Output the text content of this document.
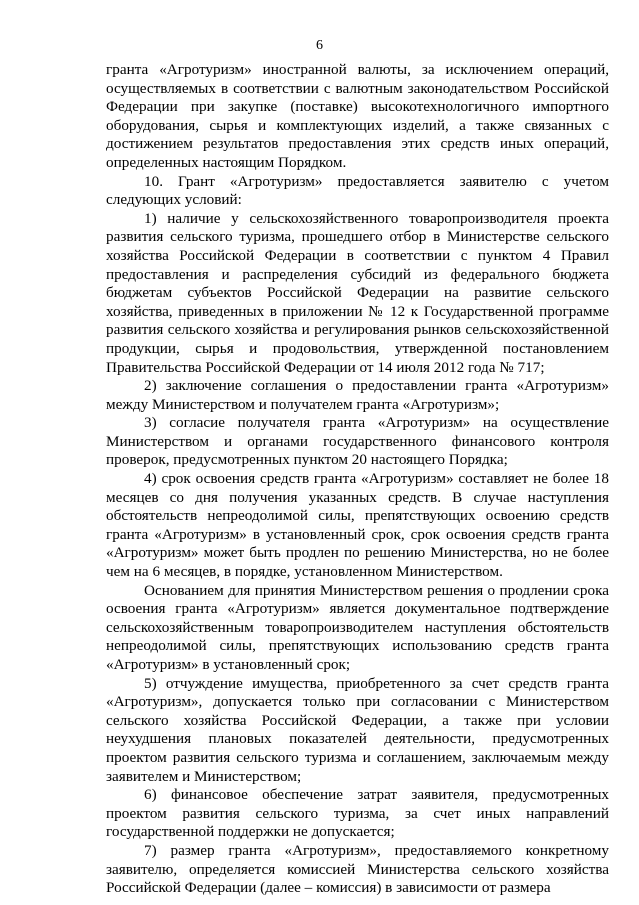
6

гранта «Агротуризм» иностранной валюты, за исключением операций, осуществляемых в соответствии с валютным законодательством Российской Федерации при закупке (поставке) высокотехнологичного импортного оборудования, сырья и комплектующих изделий, а также связанных с достижением результатов предоставления этих средств иных операций, определенных настоящим Порядком.

10. Грант «Агротуризм» предоставляется заявителю с учетом следующих условий:

1) наличие у сельскохозяйственного товаропроизводителя проекта развития сельского туризма, прошедшего отбор в Министерстве сельского хозяйства Российской Федерации в соответствии с пунктом 4 Правил предоставления и распределения субсидий из федерального бюджета бюджетам субъектов Российской Федерации на развитие сельского хозяйства, приведенных в приложении № 12 к Государственной программе развития сельского хозяйства и регулирования рынков сельскохозяйственной продукции, сырья и продовольствия, утвержденной постановлением Правительства Российской Федерации от 14 июля 2012 года № 717;

2) заключение соглашения о предоставлении гранта «Агротуризм» между Министерством и получателем гранта «Агротуризм»;

3) согласие получателя гранта «Агротуризм» на осуществление Министерством и органами государственного финансового контроля проверок, предусмотренных пунктом 20 настоящего Порядка;

4) срок освоения средств гранта «Агротуризм» составляет не более 18 месяцев со дня получения указанных средств. В случае наступления обстоятельств непреодолимой силы, препятствующих освоению средств гранта «Агротуризм» в установленный срок, срок освоения средств гранта «Агротуризм» может быть продлен по решению Министерства, но не более чем на 6 месяцев, в порядке, установленном Министерством.

Основанием для принятия Министерством решения о продлении срока освоения гранта «Агротуризм» является документальное подтверждение сельскохозяйственным товаропроизводителем наступления обстоятельств непреодолимой силы, препятствующих использованию средств гранта «Агротуризм» в установленный срок;

5) отчуждение имущества, приобретенного за счет средств гранта «Агротуризм», допускается только при согласовании с Министерством сельского хозяйства Российской Федерации, а также при условии неухудшения плановых показателей деятельности, предусмотренных проектом развития сельского туризма и соглашением, заключаемым между заявителем и Министерством;

6) финансовое обеспечение затрат заявителя, предусмотренных проектом развития сельского туризма, за счет иных направлений государственной поддержки не допускается;

7) размер гранта «Агротуризм», предоставляемого конкретному заявителю, определяется комиссией Министерства сельского хозяйства Российской Федерации (далее – комиссия) в зависимости от размера
